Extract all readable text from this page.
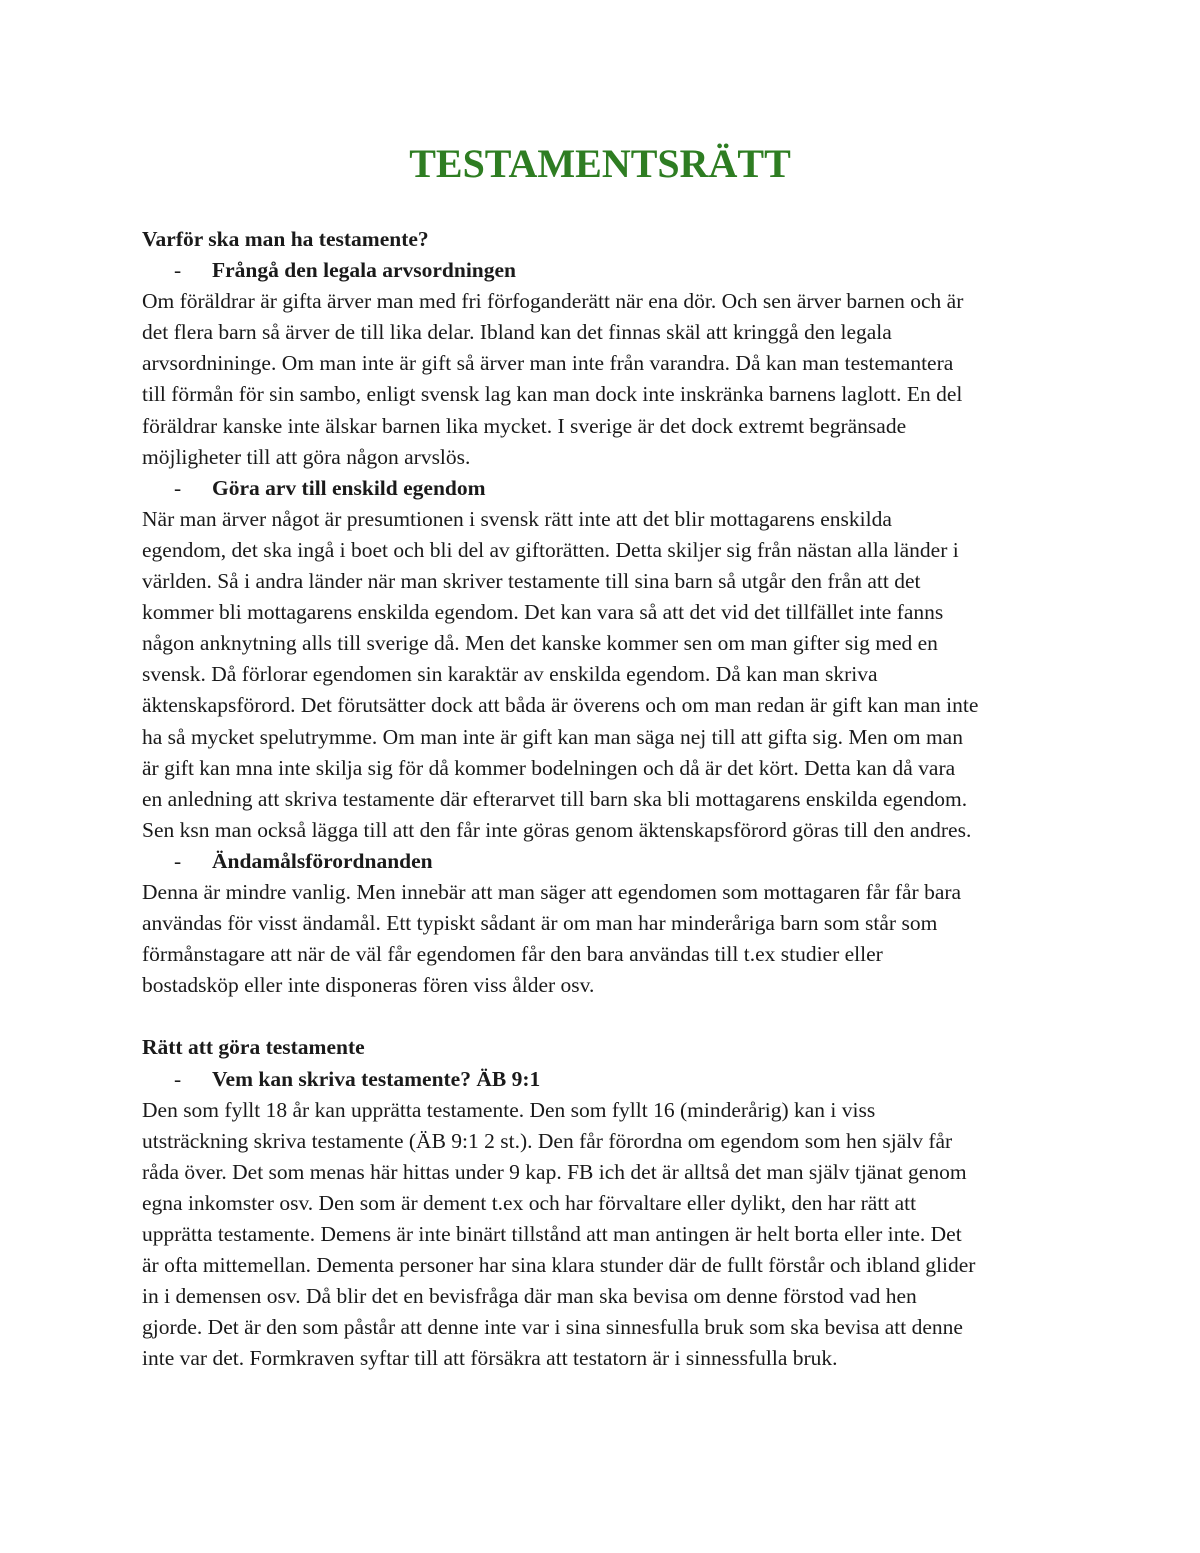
TESTAMENTSRÄTT

Varför ska man ha testamente?

- Frångå den legala arvsordningen

Om föräldrar är gifta ärver man med fri förfoganderätt när ena dör. Och sen ärver barnen och är

det flera barn så ärver de till lika delar. Ibland kan det finnas skäl att kringgå den legala

arvsordnininge. Om man inte är gift så ärver man inte från varandra. Då kan man testemantera

till förmån för sin sambo, enligt svensk lag kan man dock inte inskränka barnens laglott. En del

föräldrar kanske inte älskar barnen lika mycket. I sverige är det dock extremt begränsade

möjligheter till att göra någon arvslös.

- Göra arv till enskild egendom

När man ärver något är presumtionen i svensk rätt inte att det blir mottagarens enskilda

egendom, det ska ingå i boet och bli del av giftorätten. Detta skiljer sig från nästan alla länder i

världen. Så i andra länder när man skriver testamente till sina barn så utgår den från att det

kommer bli mottagarens enskilda egendom. Det kan vara så att det vid det tillfället inte fanns

någon anknytning alls till sverige då. Men det kanske kommer sen om man gifter sig med en

svensk. Då förlorar egendomen sin karaktär av enskilda egendom. Då kan man skriva

äktenskapsförord. Det förutsätter dock att båda är överens och om man redan är gift kan man inte

ha så mycket spelutrymme. Om man inte är gift kan man säga nej till att gifta sig. Men om man

är gift kan mna inte skilja sig för då kommer bodelningen och då är det kört. Detta kan då vara

en anledning att skriva testamente där efterarvet till barn ska bli mottagarens enskilda egendom.

Sen ksn man också lägga till att den får inte göras genom äktenskapsförord göras till den andres.

- Ändamålsförordnanden

Denna är mindre vanlig. Men innebär att man säger att egendomen som mottagaren får får bara

användas för visst ändamål. Ett typiskt sådant är om man har minderåriga barn som står som

förmånstagare att när de väl får egendomen får den bara användas till t.ex studier eller

bostadsköp eller inte disponeras fören viss ålder osv.

Rätt att göra testamente

- Vem kan skriva testamente? ÄB 9:1

Den som fyllt 18 år kan upprätta testamente. Den som fyllt 16 (minderårig) kan i viss

utsträckning skriva testamente (ÄB 9:1 2 st.). Den får förordna om egendom som hen själv får

råda över. Det som menas här hittas under 9 kap. FB ich det är alltså det man själv tjänat genom

egna inkomster osv. Den som är dement t.ex och har förvaltare eller dylikt, den har rätt att

upprätta testamente. Demens är inte binärt tillstånd att man antingen är helt borta eller inte. Det

är ofta mittemellan. Dementa personer har sina klara stunder där de fullt förstår och ibland glider

in i demensen osv. Då blir det en bevisfråga där man ska bevisa om denne förstod vad hen

gjorde. Det är den som påstår att denne inte var i sina sinnesfulla bruk som ska bevisa att denne

inte var det. Formkraven syftar till att försäkra att testatorn är i sinnessfulla bruk.
